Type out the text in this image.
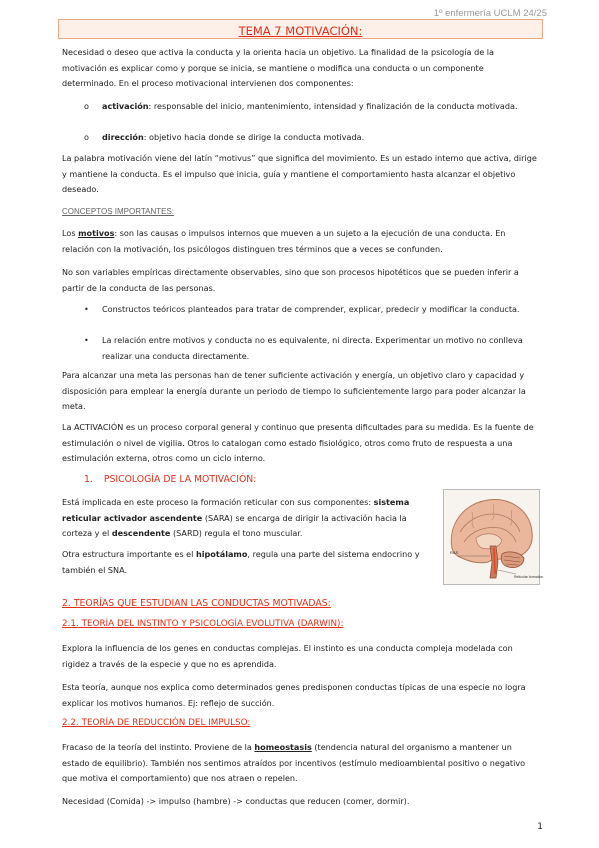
1º enfermería UCLM 24/25
TEMA 7 MOTIVACIÓN:

Necesidad o deseo que activa la conducta y la orienta hacia un objetivo. La finalidad de la psicología de la motivación es explicar como y porque se inicia, se mantiene o modifica una conducta o un componente determinado. En el proceso motivacional intervienen dos componentes:

o activación: responsable del inicio, mantenimiento, intensidad y finalización de la conducta motivada.
o dirección: objetivo hacia donde se dirige la conducta motivada.

La palabra motivación viene del latín “motivus” que significa del movimiento. Es un estado interno que activa, dirige y mantiene la conducta. Es el impulso que inicia, guía y mantiene el comportamiento hasta alcanzar el objetivo deseado.

CONCEPTOS IMPORTANTES:

Los motivos: son las causas o impulsos internos que mueven a un sujeto a la ejecución de una conducta. En relación con la motivación, los psicólogos distinguen tres términos que a veces se confunden.

No son variables empíricas directamente observables, sino que son procesos hipotéticos que se pueden inferir a partir de la conducta de las personas.

• Constructos teóricos planteados para tratar de comprender, explicar, predecir y modificar la conducta.
• La relación entre motivos y conducta no es equivalente, ni directa. Experimentar un motivo no conlleva realizar una conducta directamente.

Para alcanzar una meta las personas han de tener suficiente activación y energía, un objetivo claro y capacidad y disposición para emplear la energía durante un periodo de tiempo lo suficientemente largo para poder alcanzar la meta.

La ACTIVACIÓN es un proceso corporal general y continuo que presenta dificultades para su medida. Es la fuente de estimulación o nivel de vigilia. Otros lo catalogan como estado fisiológico, otros como fruto de respuesta a una estimulación externa, otros como un ciclo interno.

1. PSICOLOGÍA DE LA MOTIVACIÓN:

Está implicada en este proceso la formación reticular con sus componentes: sistema reticular activador ascendente (SARA) se encarga de dirigir la activación hacia la corteza y el descendente (SARD) regula el tono muscular.

Otra estructura importante es el hipotálamo, regula una parte del sistema endocrino y también el SNA.

RAS
Reticular formation
2. TEORÍAS QUE ESTUDIAN LAS CONDUCTAS MOTIVADAS:
2.1. TEORÍA DEL INSTINTO Y PSICOLOGÍA EVOLUTIVA (DARWIN):

Explora la influencia de los genes en conductas complejas. El instinto es una conducta compleja modelada con rigidez a través de la especie y que no es aprendida.

Esta teoría, aunque nos explica como determinados genes predisponen conductas típicas de una especie no logra explicar los motivos humanos. Ej: reflejo de succión.

2.2. TEORÍA DE REDUCCIÓN DEL IMPULSO:

Fracaso de la teoría del instinto. Proviene de la homeostasis (tendencia natural del organismo a mantener un estado de equilibrio). También nos sentimos atraídos por incentivos (estímulo medioambiental positivo o negativo que motiva el comportamiento) que nos atraen o repelen.

Necesidad (Comida) -> impulso (hambre) -> conductas que reducen (comer, dormir).

1
